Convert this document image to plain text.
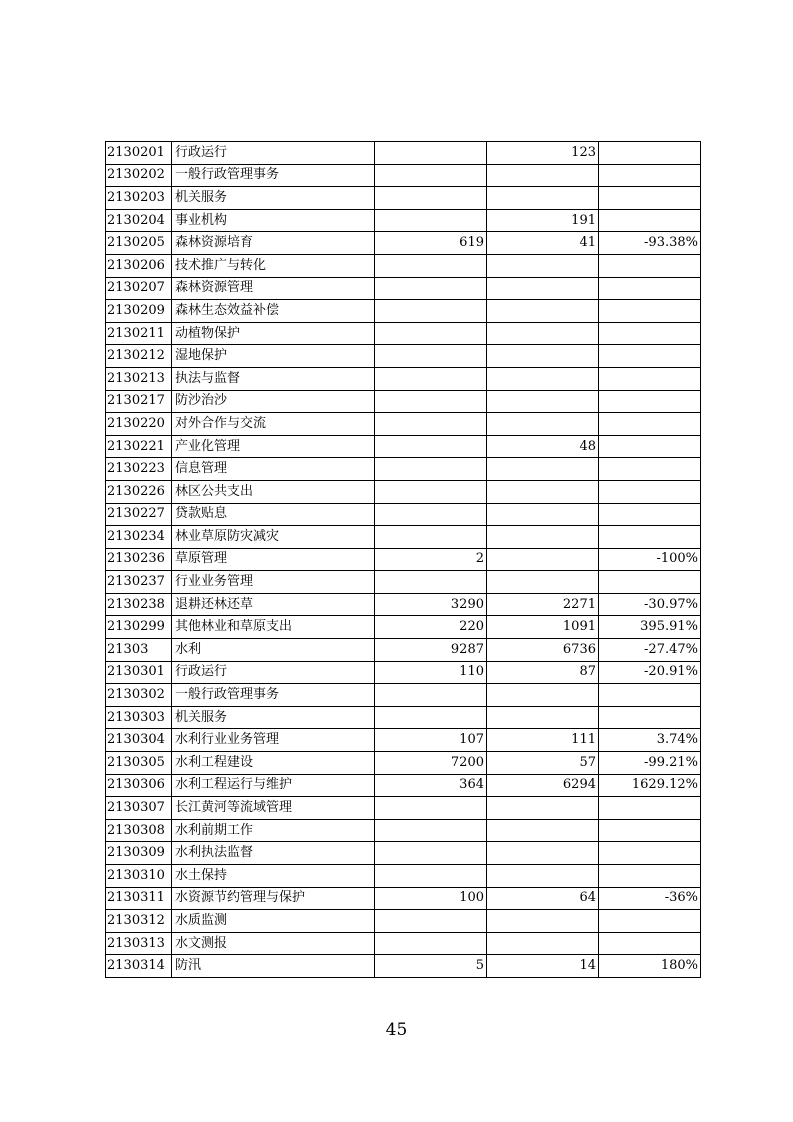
2130201	行政运行		123	
2130202	一般行政管理事务			
2130203	机关服务			
2130204	事业机构		191	
2130205	森林资源培育	619	41	-93.38%
2130206	技术推广与转化			
2130207	森林资源管理			
2130209	森林生态效益补偿			
2130211	动植物保护			
2130212	湿地保护			
2130213	执法与监督			
2130217	防沙治沙			
2130220	对外合作与交流			
2130221	产业化管理		48	
2130223	信息管理			
2130226	林区公共支出			
2130227	贷款贴息			
2130234	林业草原防灾减灾			
2130236	草原管理	2		-100%
2130237	行业业务管理			
2130238	退耕还林还草	3290	2271	-30.97%
2130299	其他林业和草原支出	220	1091	395.91%
21303	水利	9287	6736	-27.47%
2130301	行政运行	110	87	-20.91%
2130302	一般行政管理事务			
2130303	机关服务			
2130304	水利行业业务管理	107	111	3.74%
2130305	水利工程建设	7200	57	-99.21%
2130306	水利工程运行与维护	364	6294	1629.12%
2130307	长江黄河等流域管理			
2130308	水利前期工作			
2130309	水利执法监督			
2130310	水土保持			
2130311	水资源节约管理与保护	100	64	-36%
2130312	水质监测			
2130313	水文测报			
2130314	防汛	5	14	180%
45
